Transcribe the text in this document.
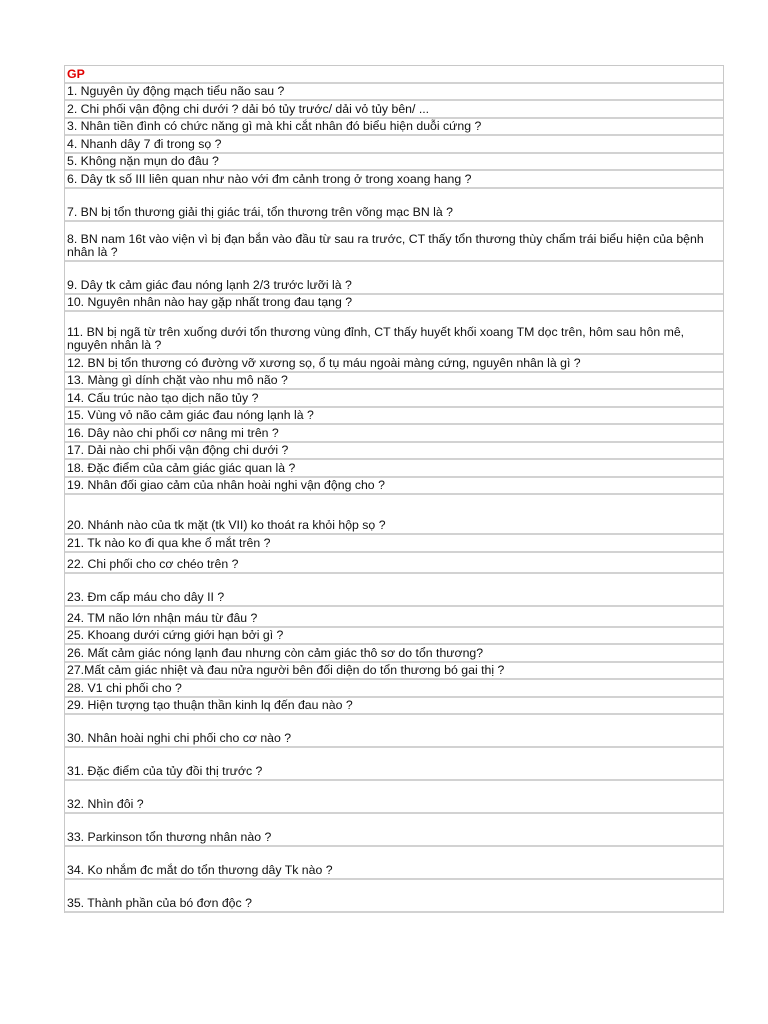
GP
1. Nguyên ủy động mạch tiểu não sau ?
2. Chi phối vận động chi dưới ? dải bó tủy trước/ dải vỏ tủy bên/ ...
3. Nhân tiền đình có chức năng gì mà khi cắt nhân đó biểu hiện duỗi cứng ?
4. Nhanh dây 7 đi trong sọ ?
5. Không nặn mụn do đâu ?
6. Dây tk số III liên quan như nào với đm cảnh trong ở trong xoang hang ?
7. BN bị tổn thương giải thị giác trái, tổn thương trên võng mạc BN là ?
8. BN nam 16t vào viện vì bị đạn bắn vào đầu từ sau ra trước, CT thấy tổn thương thùy chẩm trái biểu hiện của bệnh nhân là ?
9. Dây tk cảm giác đau nóng lạnh 2/3 trước lưỡi là ?
10. Nguyên nhân nào hay gặp nhất trong đau tạng ?
11. BN bị ngã từ trên xuống dưới tổn thương vùng đỉnh, CT thấy huyết khối xoang TM dọc trên, hôm sau hôn mê, nguyên nhân là ?
12. BN bị tổn thương có đường vỡ xương sọ, ổ tụ máu ngoài màng cứng, nguyên nhân là gì ?
13. Màng gì dính chặt vào nhu mô não ?
14. Cấu trúc nào tạo dịch não tủy ?
15. Vùng vỏ não cảm giác đau nóng lạnh là ?
16. Dây nào chi phối cơ nâng mi trên ?
17. Dải nào chi phối vận động chi dưới ?
18. Đặc điểm của cảm giác giác quan là ?
19. Nhân đối giao cảm của nhân hoài nghi vận động cho ?
20. Nhánh nào của tk mặt (tk VII) ko thoát ra khỏi hộp sọ ?
21. Tk nào ko đi qua khe ổ mắt trên ?
22. Chi phối cho cơ chéo trên ?
23. Đm cấp máu cho dây II ?
24. TM não lớn nhận máu từ đâu ?
25. Khoang dưới cứng giới hạn bởi gì ?
26. Mất cảm giác nóng lạnh đau nhưng còn cảm giác thô sơ do tổn thương?
27.Mất cảm giác nhiệt và đau nửa người bên đối diện do tổn thương bó gai thị ?
28. V1 chi phối cho ?
29. Hiện tượng tạo thuận thần kinh lq đến đau nào ?
30. Nhân hoài nghi chi phối cho cơ nào ?
31. Đặc điểm của tủy đồi thị trước ?
32. Nhìn đôi ?
33. Parkinson tổn thương nhân nào ?
34. Ko nhắm đc mắt do tổn thương dây Tk nào ?
35. Thành phần của bó đơn độc ?
